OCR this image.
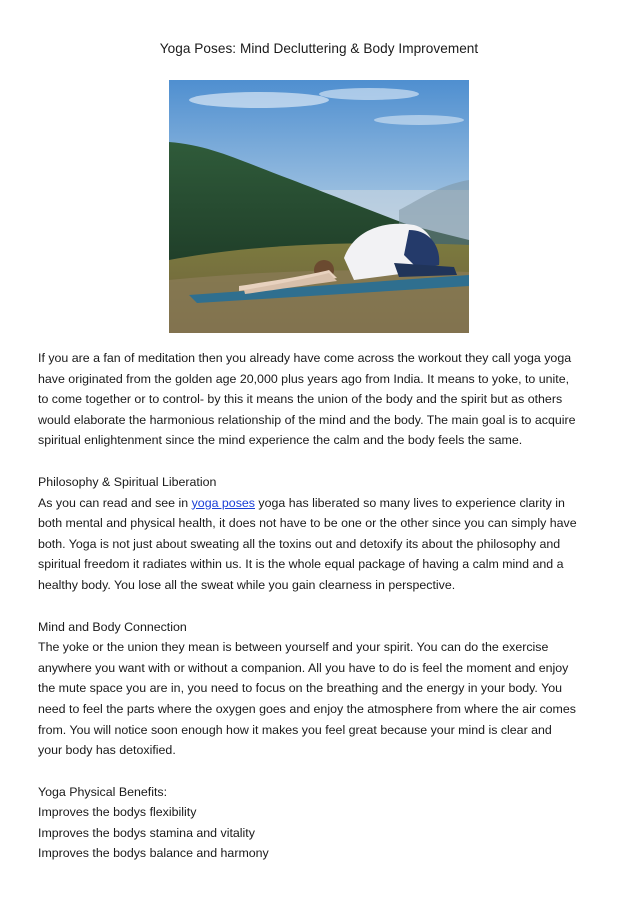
Yoga Poses: Mind Decluttering & Body Improvement

If you are a fan of meditation then you already have come across the workout they call yoga yoga

have originated from the golden age 20,000 plus years ago from India. It means to yoke, to unite,

to come together or to control- by this it means the union of the body and the spirit but as others

would elaborate the harmonious relationship of the mind and the body. The main goal is to acquire

spiritual enlightenment since the mind experience the calm and the body feels the same.

Philosophy & Spiritual Liberation

As you can read and see in yoga poses yoga has liberated so many lives to experience clarity in

both mental and physical health, it does not have to be one or the other since you can simply have

both. Yoga is not just about sweating all the toxins out and detoxify its about the philosophy and

spiritual freedom it radiates within us. It is the whole equal package of having a calm mind and a

healthy body. You lose all the sweat while you gain clearness in perspective.

Mind and Body Connection

The yoke or the union they mean is between yourself and your spirit. You can do the exercise

anywhere you want with or without a companion. All you have to do is feel the moment and enjoy

the mute space you are in, you need to focus on the breathing and the energy in your body. You

need to feel the parts where the oxygen goes and enjoy the atmosphere from where the air comes

from. You will notice soon enough how it makes you feel great because your mind is clear and

your body has detoxified.

Yoga Physical Benefits:

Improves the bodys flexibility

Improves the bodys stamina and vitality

Improves the bodys balance and harmony
